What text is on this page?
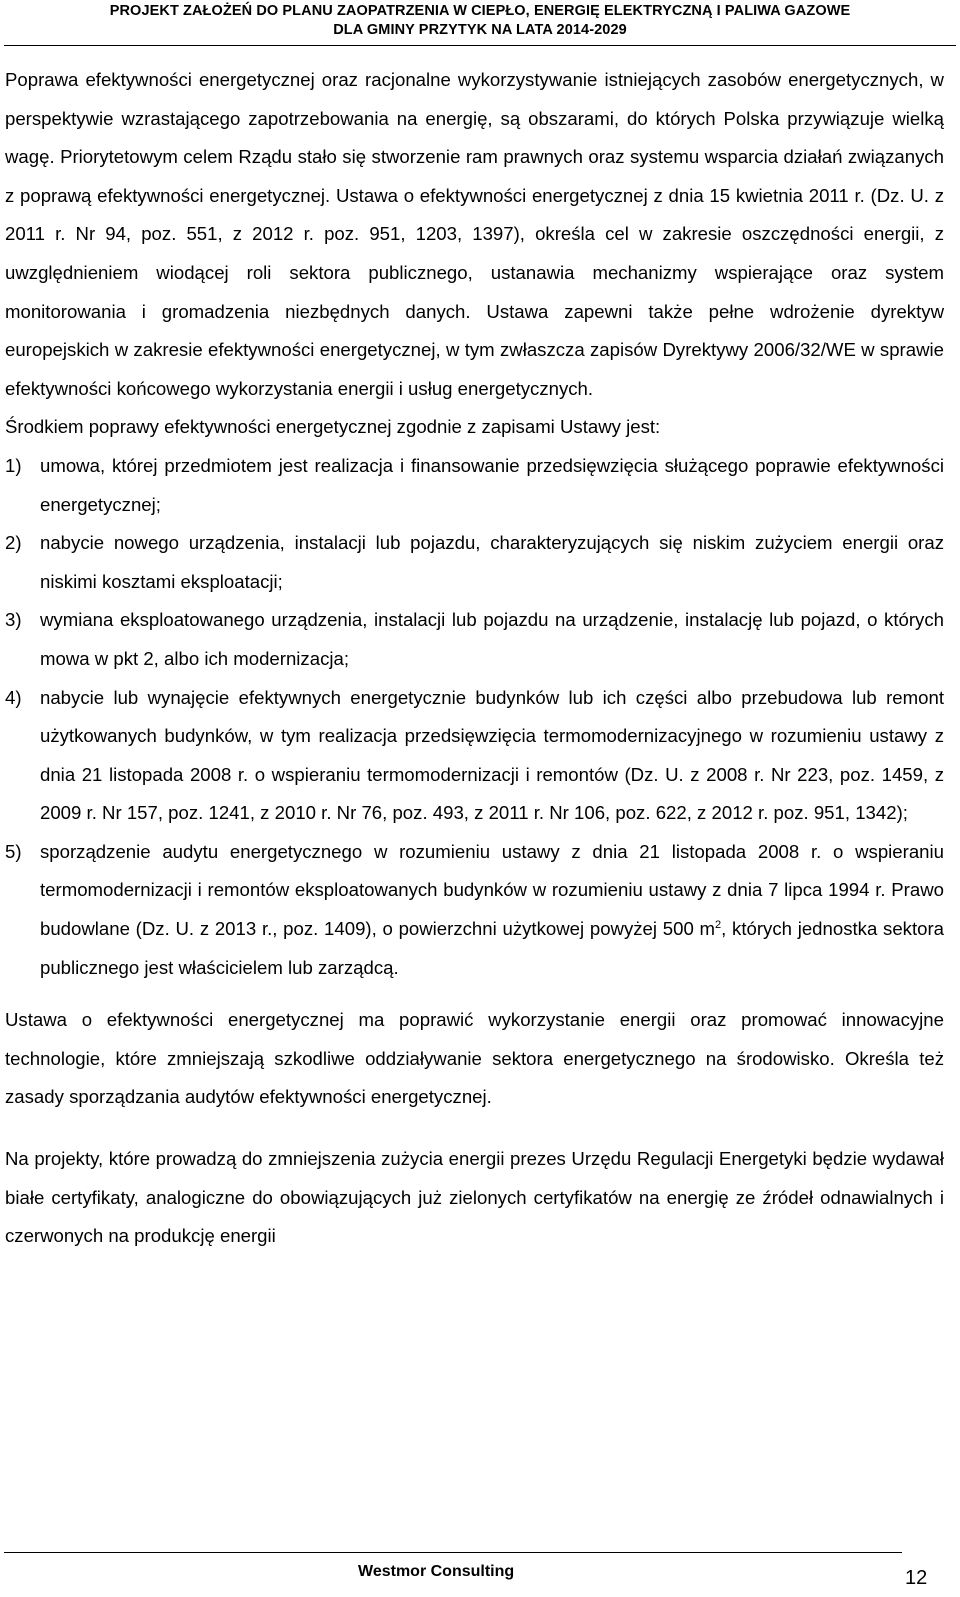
PROJEKT ZAŁOŻEŃ DO PLANU ZAOPATRZENIA W CIEPŁO, ENERGIĘ ELEKTRYCZNĄ I PALIWA GAZOWE
DLA GMINY PRZYTYK NA LATA 2014-2029

Poprawa efektywności energetycznej oraz racjonalne wykorzystywanie istniejących zasobów energetycznych, w perspektywie wzrastającego zapotrzebowania na energię, są obszarami, do których Polska przywiązuje wielką wagę. Priorytetowym celem Rządu stało się stworzenie ram prawnych oraz systemu wsparcia działań związanych z poprawą efektywności energetycznej. Ustawa o efektywności energetycznej z dnia 15 kwietnia 2011 r. (Dz. U. z 2011 r. Nr 94, poz. 551, z 2012 r. poz. 951, 1203, 1397), określa cel w zakresie oszczędności energii, z uwzględnieniem wiodącej roli sektora publicznego, ustanawia mechanizmy wspierające oraz system monitorowania i gromadzenia niezbędnych danych. Ustawa zapewni także pełne wdrożenie dyrektyw europejskich w zakresie efektywności energetycznej, w tym zwłaszcza zapisów Dyrektywy 2006/32/WE w sprawie efektywności końcowego wykorzystania energii i usług energetycznych.

Środkiem poprawy efektywności energetycznej zgodnie z zapisami Ustawy jest:

1) umowa, której przedmiotem jest realizacja i finansowanie przedsięwzięcia służącego poprawie efektywności energetycznej;
2) nabycie nowego urządzenia, instalacji lub pojazdu, charakteryzujących się niskim zużyciem energii oraz niskimi kosztami eksploatacji;
3) wymiana eksploatowanego urządzenia, instalacji lub pojazdu na urządzenie, instalację lub pojazd, o których mowa w pkt 2, albo ich modernizacja;
4) nabycie lub wynajęcie efektywnych energetycznie budynków lub ich części albo przebudowa lub remont użytkowanych budynków, w tym realizacja przedsięwzięcia termomodernizacyjnego w rozumieniu ustawy z dnia 21 listopada 2008 r. o wspieraniu termomodernizacji i remontów (Dz. U. z 2008 r. Nr 223, poz. 1459, z 2009 r. Nr 157, poz. 1241, z 2010 r. Nr 76, poz. 493, z 2011 r. Nr 106, poz. 622, z 2012 r. poz. 951, 1342);
5) sporządzenie audytu energetycznego w rozumieniu ustawy z dnia 21 listopada 2008 r. o wspieraniu termomodernizacji i remontów eksploatowanych budynków w rozumieniu ustawy z dnia 7 lipca 1994 r. Prawo budowlane (Dz. U. z 2013 r., poz. 1409), o powierzchni użytkowej powyżej 500 $m^2$, których jednostka sektora publicznego jest właścicielem lub zarządcą.

Ustawa o efektywności energetycznej ma poprawić wykorzystanie energii oraz promować innowacyjne technologie, które zmniejszają szkodliwe oddziaływanie sektora energetycznego na środowisko. Określa też zasady sporządzania audytów efektywności energetycznej.

Na projekty, które prowadzą do zmniejszenia zużycia energii prezes Urzędu Regulacji Energetyki będzie wydawał białe certyfikaty, analogiczne do obowiązujących już zielonych certyfikatów na energię ze źródeł odnawialnych i czerwonych na produkcję energii

Westmor Consulting	12
